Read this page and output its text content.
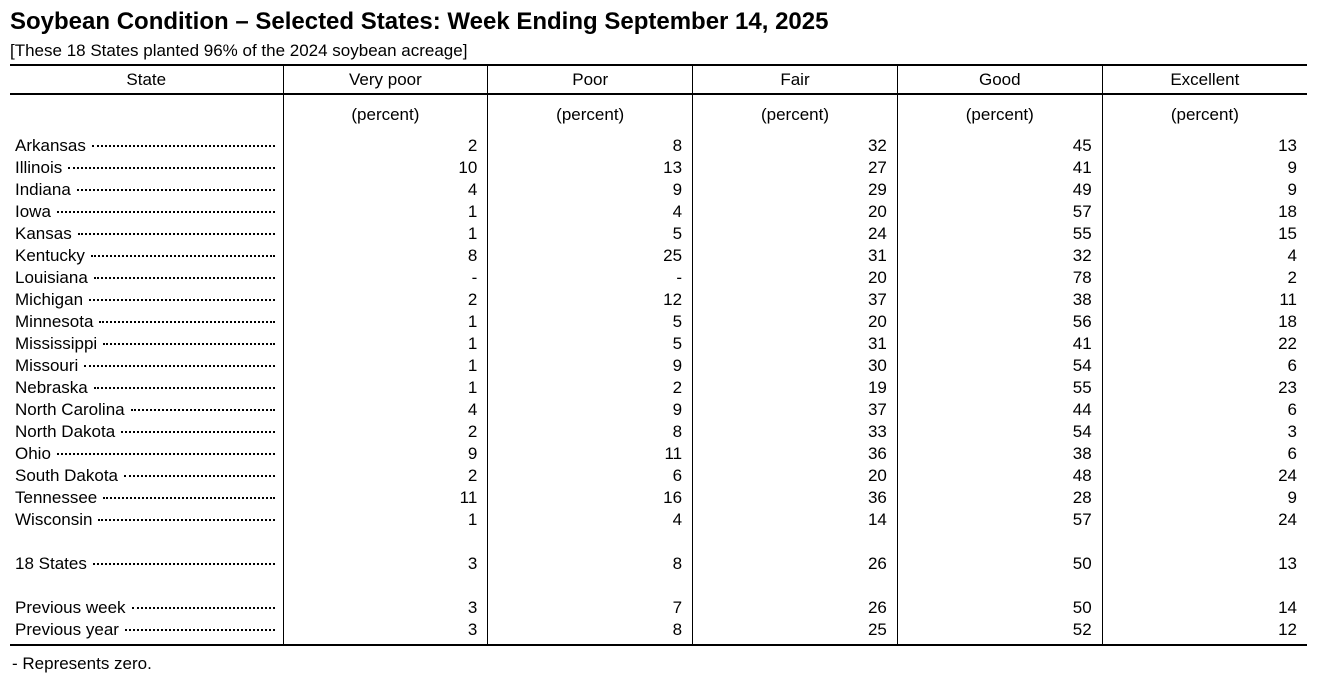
Soybean Condition – Selected States: Week Ending September 14, 2025
[These 18 States planted 96% of the 2024 soybean acreage]
State	Very poor	Poor	Fair	Good	Excellent
	(percent)	(percent)	(percent)	(percent)	(percent)

Arkansas	2	8	32	45	13

Illinois	10	13	27	41	9

Indiana	4	9	29	49	9

Iowa	1	4	20	57	18

Kansas	1	5	24	55	15

Kentucky	8	25	31	32	4

Louisiana	-	-	20	78	2

Michigan	2	12	37	38	11

Minnesota	1	5	20	56	18

Mississippi	1	5	31	41	22

Missouri	1	9	30	54	6

Nebraska	1	2	19	55	23

North Carolina	4	9	37	44	6

North Dakota	2	8	33	54	3

Ohio	9	11	36	38	6

South Dakota	2	6	20	48	24

Tennessee	11	16	36	28	9

Wisconsin	1	4	14	57	24

18 States	3	8	26	50	13

Previous week	3	7	26	50	14

Previous year	3	8	25	52	12

- Represents zero.
